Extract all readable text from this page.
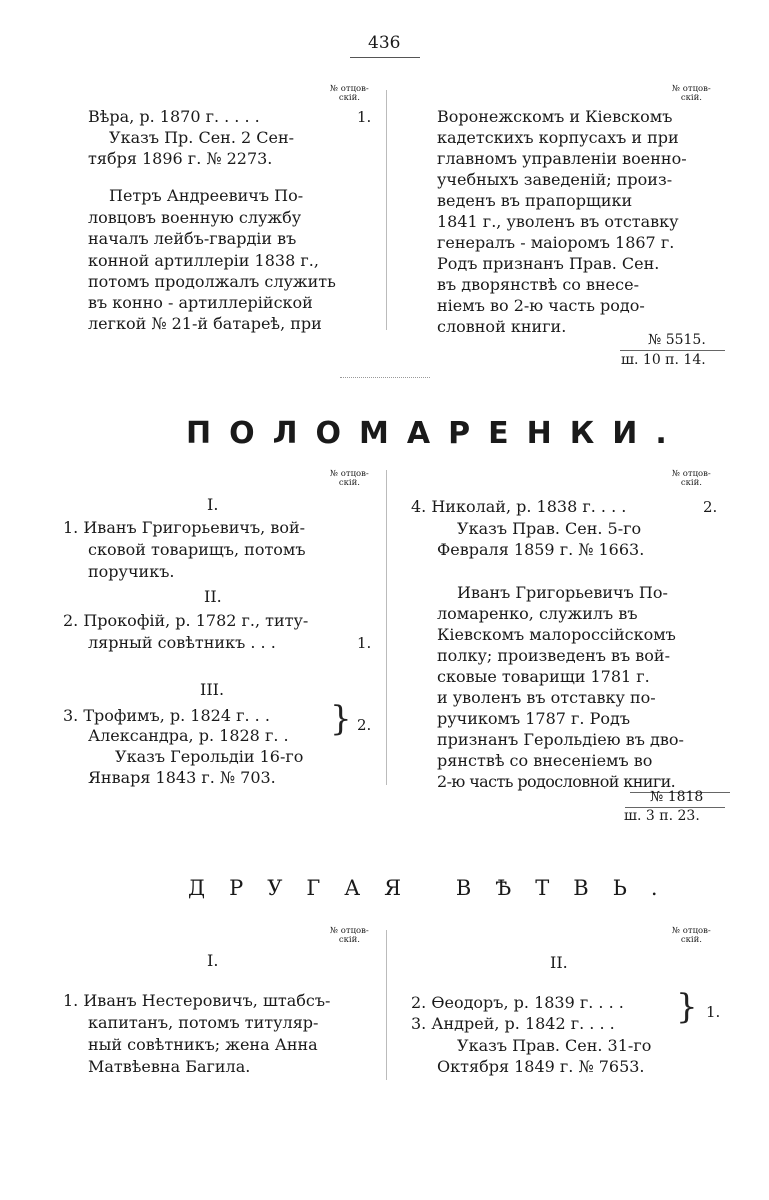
436
№ отцов-
скій.
№ отцов-
скій.
Вѣра, р. 1870 г. . . . .	1.
Указъ Пр. Сен. 2 Сен-
тября 1896 г. № 2273.
Петръ Андреевичъ По-
ловцовъ военную службу
началъ лейбъ-гвардіи въ
конной артиллеріи 1838 г.,
потомъ продолжалъ служить
въ конно - артиллерійской
легкой № 21-й батареѣ, при
Воронежскомъ и Кіевскомъ
кадетскихъ корпусахъ и при
главномъ управленіи военно-
учебныхъ заведеній; произ-
веденъ въ прапорщики
1841 г., уволенъ въ отставку
генералъ - маіоромъ 1867 г.
Родъ признанъ Прав. Сен.
въ дворянствѣ со внесе-
ніемъ во 2-ю часть родо-
словной книги.
№ 5515.
ш. 10 п. 14.
ПОЛОМАРЕНКИ.
№ отцов-
скій.
№ отцов-
скій.
I.
1. Иванъ Григорьевичъ, вой-
сковой товарищъ, потомъ
поручикъ.
II.
2. Прокофій, р. 1782 г., титу-
лярный совѣтникъ . . .	1.
III.
3. Трофимъ, р. 1824 г. . .
Александра, р. 1828 г. . } 2.
Указъ Герольдіи 16-го
Января 1843 г. № 703.
4. Николай, р. 1838 г. . . .	2.
Указъ Прав. Сен. 5-го
Февраля 1859 г. № 1663.
Иванъ Григорьевичъ По-
ломаренко, служилъ въ
Кіевскомъ малороссійскомъ
полку; произведенъ въ вой-
сковые товарищи 1781 г.
и уволенъ въ отставку по-
ручикомъ 1787 г. Родъ
признанъ Герольдіею въ дво-
рянствѣ со внесеніемъ во
2-ю часть родословной книги.
№ 1818
ш. 3 п. 23.
ДРУГАЯ ВѢТВЬ.
№ отцов-
скій.
№ отцов-
скій.
I.	II.
1. Иванъ Нестеровичъ, штабсъ-
капитанъ, потомъ титуляр-
ный совѣтникъ; жена Анна
Матвѣевна Багила.
2. Ѳеодоръ, р. 1839 г. . . .
3. Андрей, р. 1842 г. . . . } 1.
Указъ Прав. Сен. 31-го
Октября 1849 г. № 7653.
